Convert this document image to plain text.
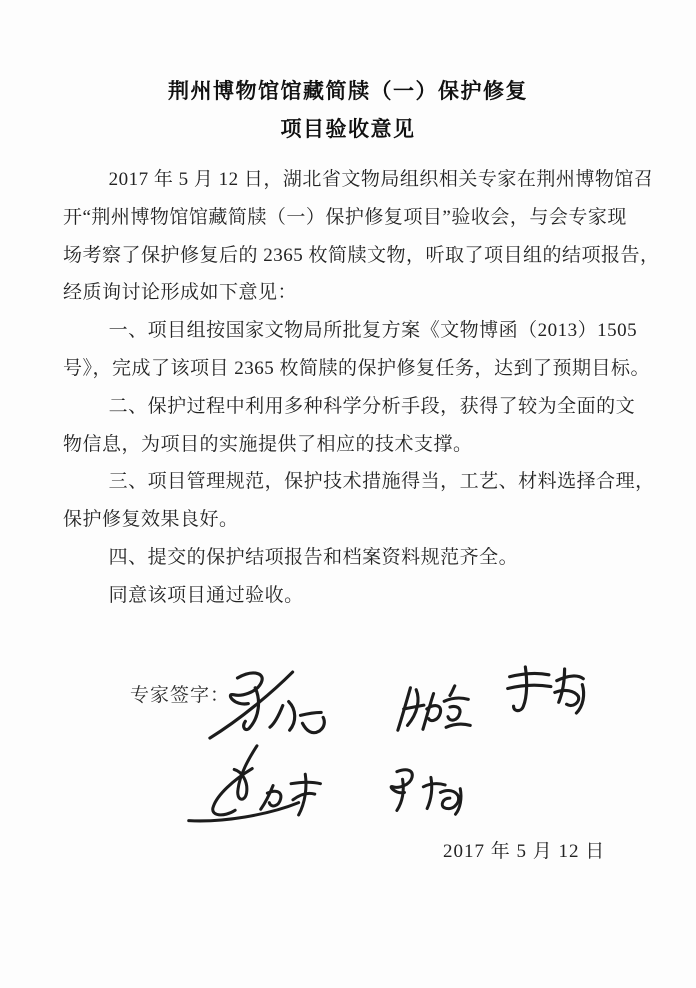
荆州博物馆馆藏简牍（一）保护修复
项目验收意见
2017 年 5 月 12 日，湖北省文物局组织相关专家在荆州博物馆召
开“荆州博物馆馆藏简牍（一）保护修复项目”验收会，与会专家现
场考察了保护修复后的 2365 枚简牍文物，听取了项目组的结项报告，
经质询讨论形成如下意见：
一、项目组按国家文物局所批复方案《文物博函（2013）1505
号》，完成了该项目 2365 枚简牍的保护修复任务，达到了预期目标。
二、保护过程中利用多种科学分析手段，获得了较为全面的文
物信息，为项目的实施提供了相应的技术支撑。
三、项目管理规范，保护技术措施得当，工艺、材料选择合理，
保护修复效果良好。
四、提交的保护结项报告和档案资料规范齐全。
同意该项目通过验收。
专家签字：
2017 年 5 月 12 日
